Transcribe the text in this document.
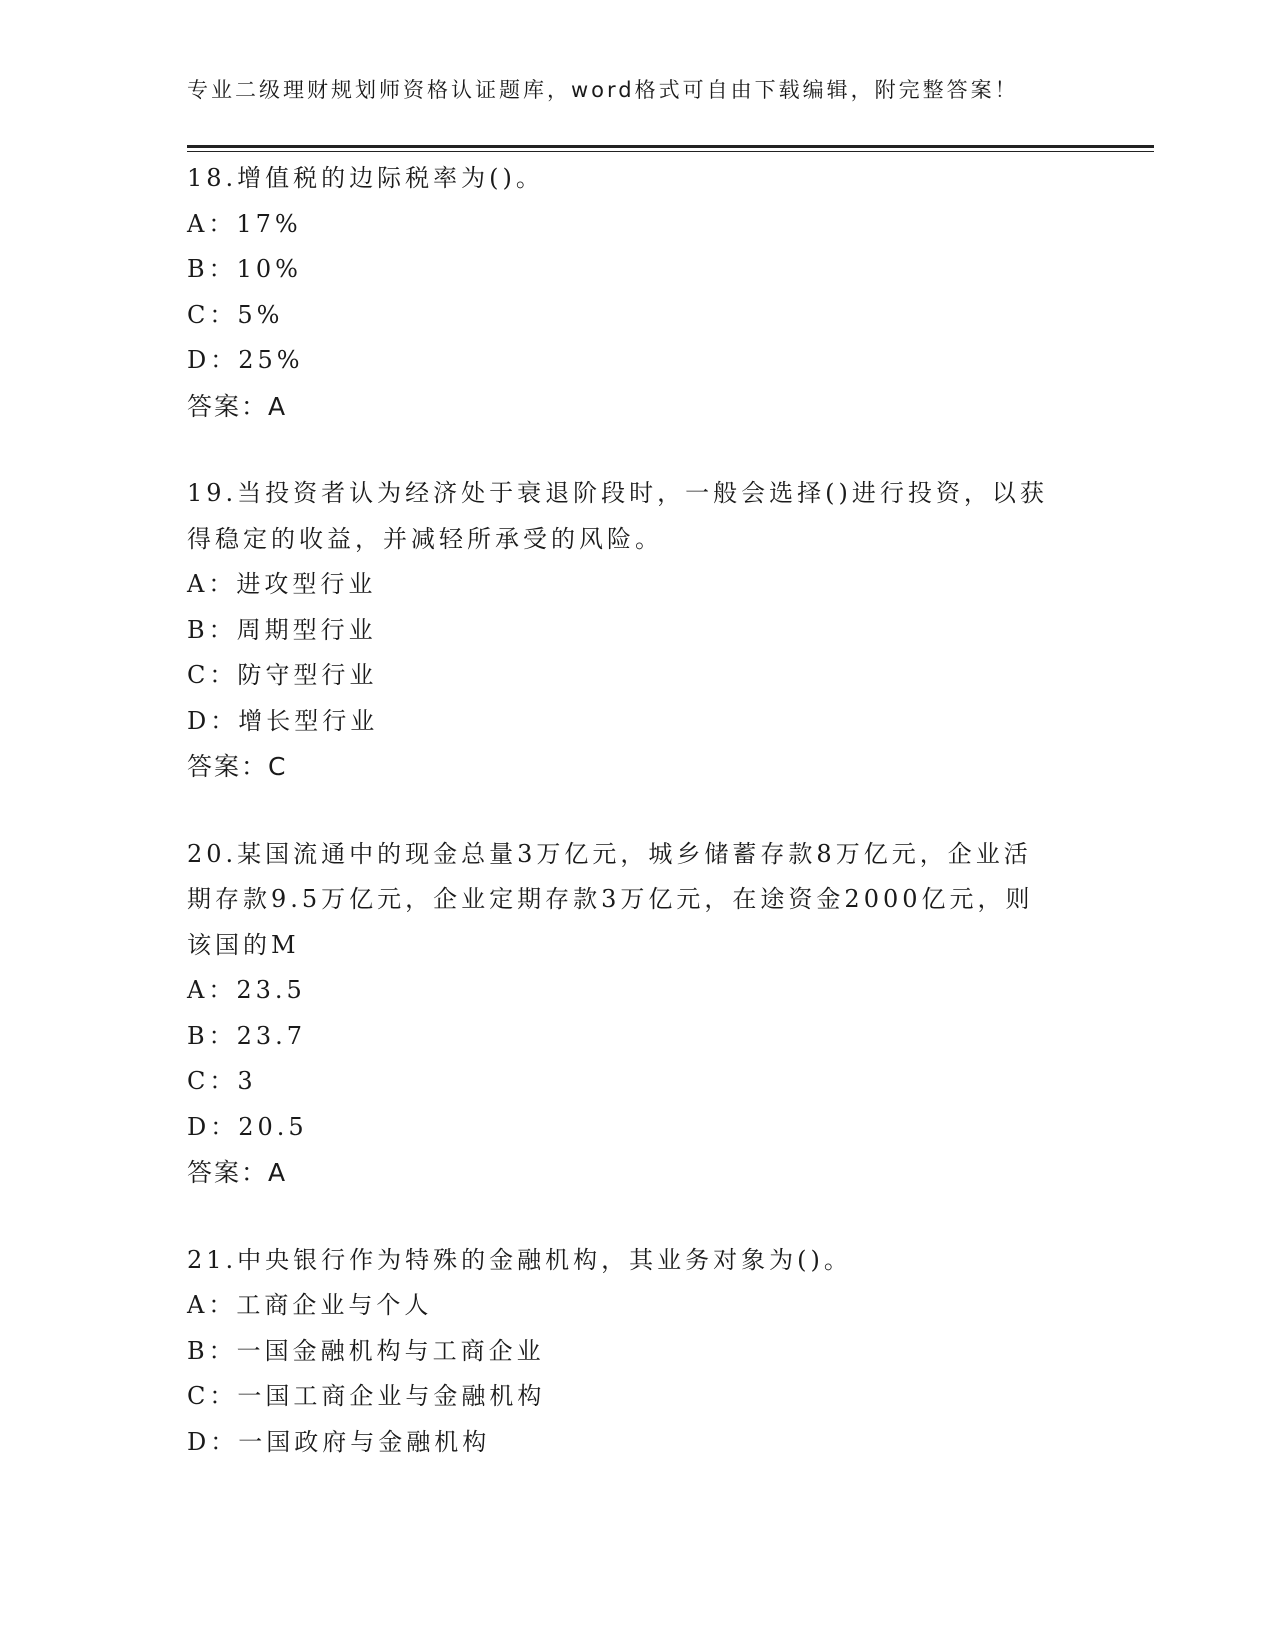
专业二级理财规划师资格认证题库，word格式可自由下载编辑，附完整答案！
18.增值税的边际税率为()。
A：17%
B：10%
C：5%
D：25%
答案：A
19.当投资者认为经济处于衰退阶段时，一般会选择()进行投资，以获
得稳定的收益，并减轻所承受的风险。
A：进攻型行业
B：周期型行业
C：防守型行业
D：增长型行业
答案：C
20.某国流通中的现金总量3万亿元，城乡储蓄存款8万亿元，企业活
期存款9.5万亿元，企业定期存款3万亿元，在途资金2000亿元，则
该国的M
A：23.5
B：23.7
C：3
D：20.5
答案：A
21.中央银行作为特殊的金融机构，其业务对象为()。
A：工商企业与个人
B：一国金融机构与工商企业
C：一国工商企业与金融机构
D：一国政府与金融机构
